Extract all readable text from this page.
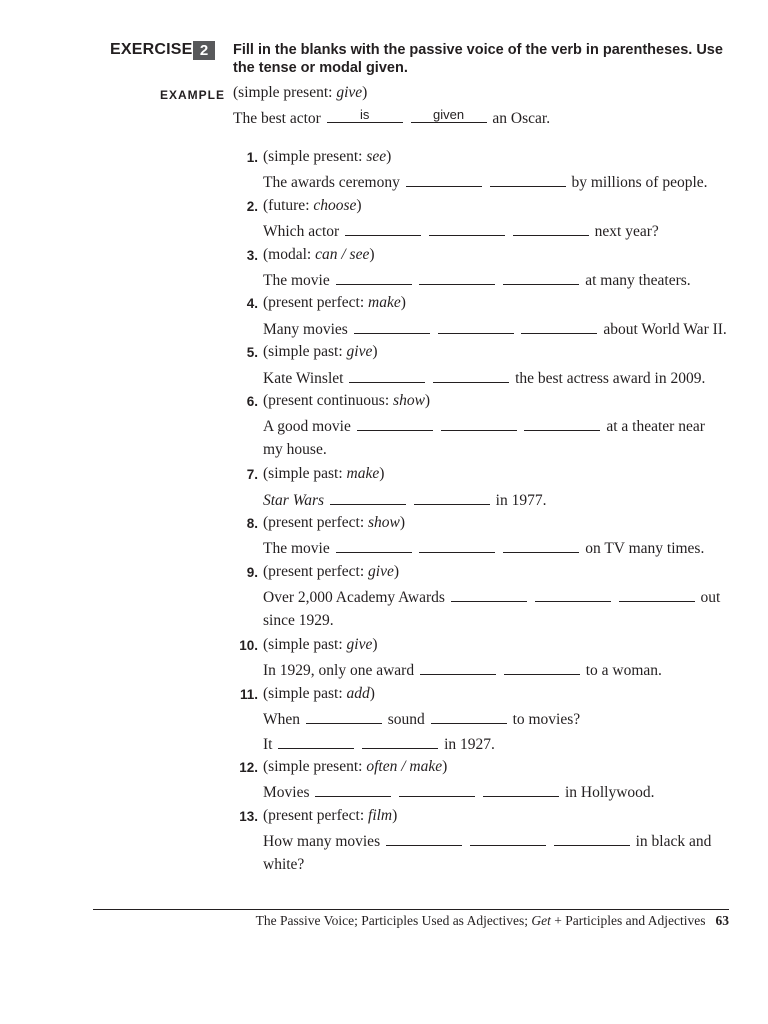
EXERCISE 2	Fill in the blanks with the passive voice of the verb in parentheses. Use the tense or modal given.
EXAMPLE (simple present: give)
The best actor	is
	given	an Oscar.
1. (simple present: see)
The awards ceremony	by millions of people.
2. (future: choose)
Which actor	next year?
3. (modal: can / see)
The movie	at many theaters.
4. (present perfect: make)
Many movies	about World War II.
5. (simple past: give)
Kate Winslet	the best actress award in 2009.
6. (present continuous: show)
A good movie	at a theater near
my house.
7. (simple past: make)
Star Wars	in 1977.
8. (present perfect: show)
The movie	on TV many times.
9. (present perfect: give)
Over 2,000 Academy Awards	out
since 1929.
10. (simple past: give)
In 1929, only one award	to a woman.
11. (simple past: add)
When	sound	to movies?
It	in 1927.
12. (simple present: often / make)
Movies	in Hollywood.
13. (present perfect: film)
How many movies	in black and
white?
The Passive Voice; Participles Used as Adjectives; Get + Participles and Adjectives 63
